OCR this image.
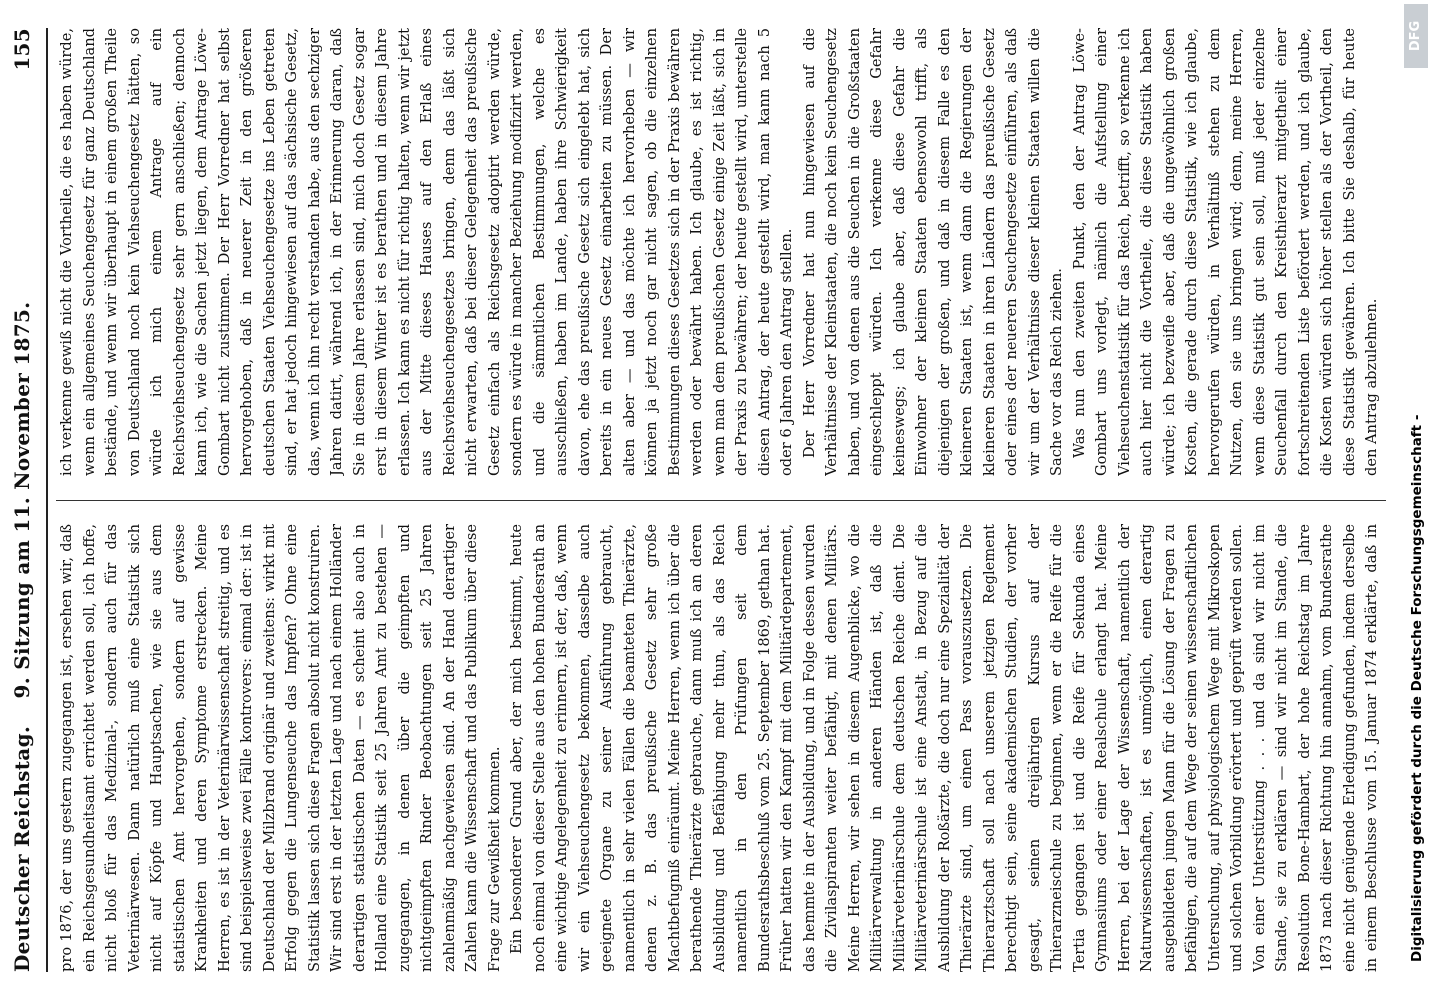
Deutscher Reichstag.
9. Sitzung am 11. November 1875.
155

pro 1876, der uns gestern zugegangen ist, ersehen wir, daß ein Reichsgesundheitsamt errichtet werden soll, ich hoffe, nicht bloß für das Medizinal-, sondern auch für das Veterinärwesen. Dann natürlich muß eine Statistik sich nicht auf Köpfe und Hauptsachen, wie sie aus dem statistischen Amt hervorgehen, sondern auf gewisse Krankheiten und deren Symptome erstrecken. Meine Herren, es ist in der Veterinärwissenschaft streitig, und es sind beispielsweise zwei Fälle kontrovers: einmal der: ist in Deutschland der Milzbrand originär und zweitens: wirkt mit Erfolg gegen die Lungenseuche das Impfen? Ohne eine Statistik lassen sich diese Fragen absolut nicht konstruiren. Wir sind erst in der letzten Lage und nach einem Holländer derartigen statistischen Daten — es scheint also auch in Holland eine Statistik seit 25 Jahren Amt zu bestehen — zugegangen, in denen über die geimpften und nichtgeimpften Rinder Beobachtungen seit 25 Jahren zahlenmäßig nachgewiesen sind. An der Hand derartiger Zahlen kann die Wissenschaft und das Publikum über diese Frage zur Gewißheit kommen. Ein besonderer Grund aber, der mich bestimmt, heute noch einmal von dieser Stelle aus den hohen Bundesrath an eine wichtige Angelegenheit zu erinnern, ist der, daß, wenn wir ein Viehseuchengesetz bekommen, dasselbe auch geeignete Organe zu seiner Ausführung gebraucht, namentlich in sehr vielen Fällen die beamteten Thierärzte, denen z. B. das preußische Gesetz sehr große Machtbefugniß einräumt. Meine Herren, wenn ich über die berathende Thierärzte gebrauche, dann muß ich an deren Ausbildung und Befähigung mehr thun, als das Reich namentlich in den Prüfungen seit dem Bundesrathsbeschluß vom 25. September 1869, gethan hat. Früher hatten wir den Kampf mit dem Militärdepartement, das hemmte in der Ausbildung, und in Folge dessen wurden die Zivilaspiranten weiter befähigt, mit denen Militärs. Meine Herren, wir sehen in diesem Augenblicke, wo die Militärverwaltung in anderen Händen ist, daß die Militärveterinärschule dem deutschen Reiche dient. Die Militärveterinärschule ist eine Anstalt, in Bezug auf die Ausbildung der Roßärzte, die doch nur eine Spezialität der Thierärzte sind, um einen Pass vorauszusetzen. Die Thierarztschaft soll nach unserem jetzigen Reglement berechtigt sein, seine akademischen Studien, der vorher gesagt, seinen dreijährigen Kursus auf der Thierarzneischule zu beginnen, wenn er die Reife für die Tertia gegangen ist und die Reife für Sekunda eines Gymnasiums oder einer Realschule erlangt hat. Meine Herren, bei der Lage der Wissenschaft, namentlich der Naturwissenschaften, ist es unmöglich, einen derartig ausgebildeten jungen Mann für die Lösung der Fragen zu befähigen, die auf dem Wege der seinen wissenschaftlichen Untersuchung, auf physiologischem Wege mit Mikroskopen und solchen Vorbildung erörtert und geprüft werden sollen. Von einer Unterstützung . . . und da sind wir nicht im Stande, sie zu erklären — sind wir nicht im Stande, die Resolution Bone-Hambart, der hohe Reichstag im Jahre 1873 nach dieser Richtung hin annahm, vom Bundesrathe eine nicht genügende Erledigung gefunden, indem derselbe in einem Beschlusse vom 15. Januar 1874 erklärte, daß in

ich verkenne gewiß nicht die Vortheile, die es haben würde, wenn ein allgemeines Seuchengesetz für ganz Deutschland bestände, und wenn wir überhaupt in einem großen Theile von Deutschland noch kein Viehseuchengesetz hätten, so würde ich mich einem Antrage auf ein Reichsviehseuchengesetz sehr gern anschließen; dennoch kann ich, wie die Sachen jetzt liegen, dem Antrage Löwe-Gombart nicht zustimmen. Der Herr Vorredner hat selbst hervorgehoben, daß in neuerer Zeit in den größeren deutschen Staaten Viehseuchengesetze ins Leben getreten sind, er hat jedoch hingewiesen auf das sächsische Gesetz, das, wenn ich ihn recht verstanden habe, aus den sechziger Jahren datirt, während ich, in der Erinnerung daran, daß Sie in diesem Jahre erlassen sind, mich doch Gesetz sogar erst in diesem Winter ist es berathen und in diesem Jahre erlassen. Ich kann es nicht für richtig halten, wenn wir jetzt aus der Mitte dieses Hauses auf den Erlaß eines Reichsviehseuchengesetzes bringen, denn das läßt sich nicht erwarten, daß bei dieser Gelegenheit das preußische Gesetz einfach als Reichsgesetz adoptirt werden würde, sondern es würde in mancher Beziehung modifizirt werden, und die sämmtlichen Bestimmungen, welche es ausschließen, haben im Lande, haben ihre Schwierigkeit davon, ehe das preußische Gesetz sich eingelebt hat, sich bereits in ein neues Gesetz einarbeiten zu müssen. Der alten aber — und das möchte ich hervorheben — wir können ja jetzt noch gar nicht sagen, ob die einzelnen Bestimmungen dieses Gesetzes sich in der Praxis bewähren werden oder bewährt haben. Ich glaube, es ist richtig, wenn man dem preußischen Gesetz einige Zeit läßt, sich in der Praxis zu bewähren; der heute gestellt wird, unterstelle diesen Antrag, der heute gestellt wird, man kann nach 5 oder 6 Jahren den Antrag stellen. Der Herr Vorredner hat nun hingewiesen auf die Verhältnisse der Kleinstaaten, die noch kein Seuchengesetz haben, und von denen aus die Seuchen in die Großstaaten eingeschleppt würden. Ich verkenne diese Gefahr keineswegs; ich glaube aber, daß diese Gefahr die Einwohner der kleinen Staaten ebensowohl trifft, als diejenigen der großen, und daß in diesem Falle es den kleineren Staaten ist, wenn dann die Regierungen der kleineren Staaten in ihren Ländern das preußische Gesetz oder eines der neueren Seuchengesetze einführen, als daß wir um der Verhältnisse dieser kleinen Staaten willen die Sache vor das Reich ziehen. Was nun den zweiten Punkt, den der Antrag Löwe-Gombart uns vorlegt, nämlich die Aufstellung einer Viehseuchenstatistik für das Reich, betrifft, so verkenne ich auch hier nicht die Vortheile, die diese Statistik haben würde; ich bezweifle aber, daß die ungewöhnlich großen Kosten, die gerade durch diese Statistik, wie ich glaube, hervorgerufen würden, in Verhältniß stehen zu dem Nutzen, den sie uns bringen wird; denn, meine Herren, wenn diese Statistik gut sein soll, muß jeder einzelne Seuchenfall durch den Kreisthierarzt mitgetheilt einer fortschreitenden Liste befördert werden, und ich glaube, die Kosten würden sich höher stellen als der Vortheil, den diese Statistik gewähren. Ich bitte Sie deshalb, für heute den Antrag abzulehnen.

Digitalisierung gefördert durch die Deutsche Forschungsgemeinschaft -
DFG
